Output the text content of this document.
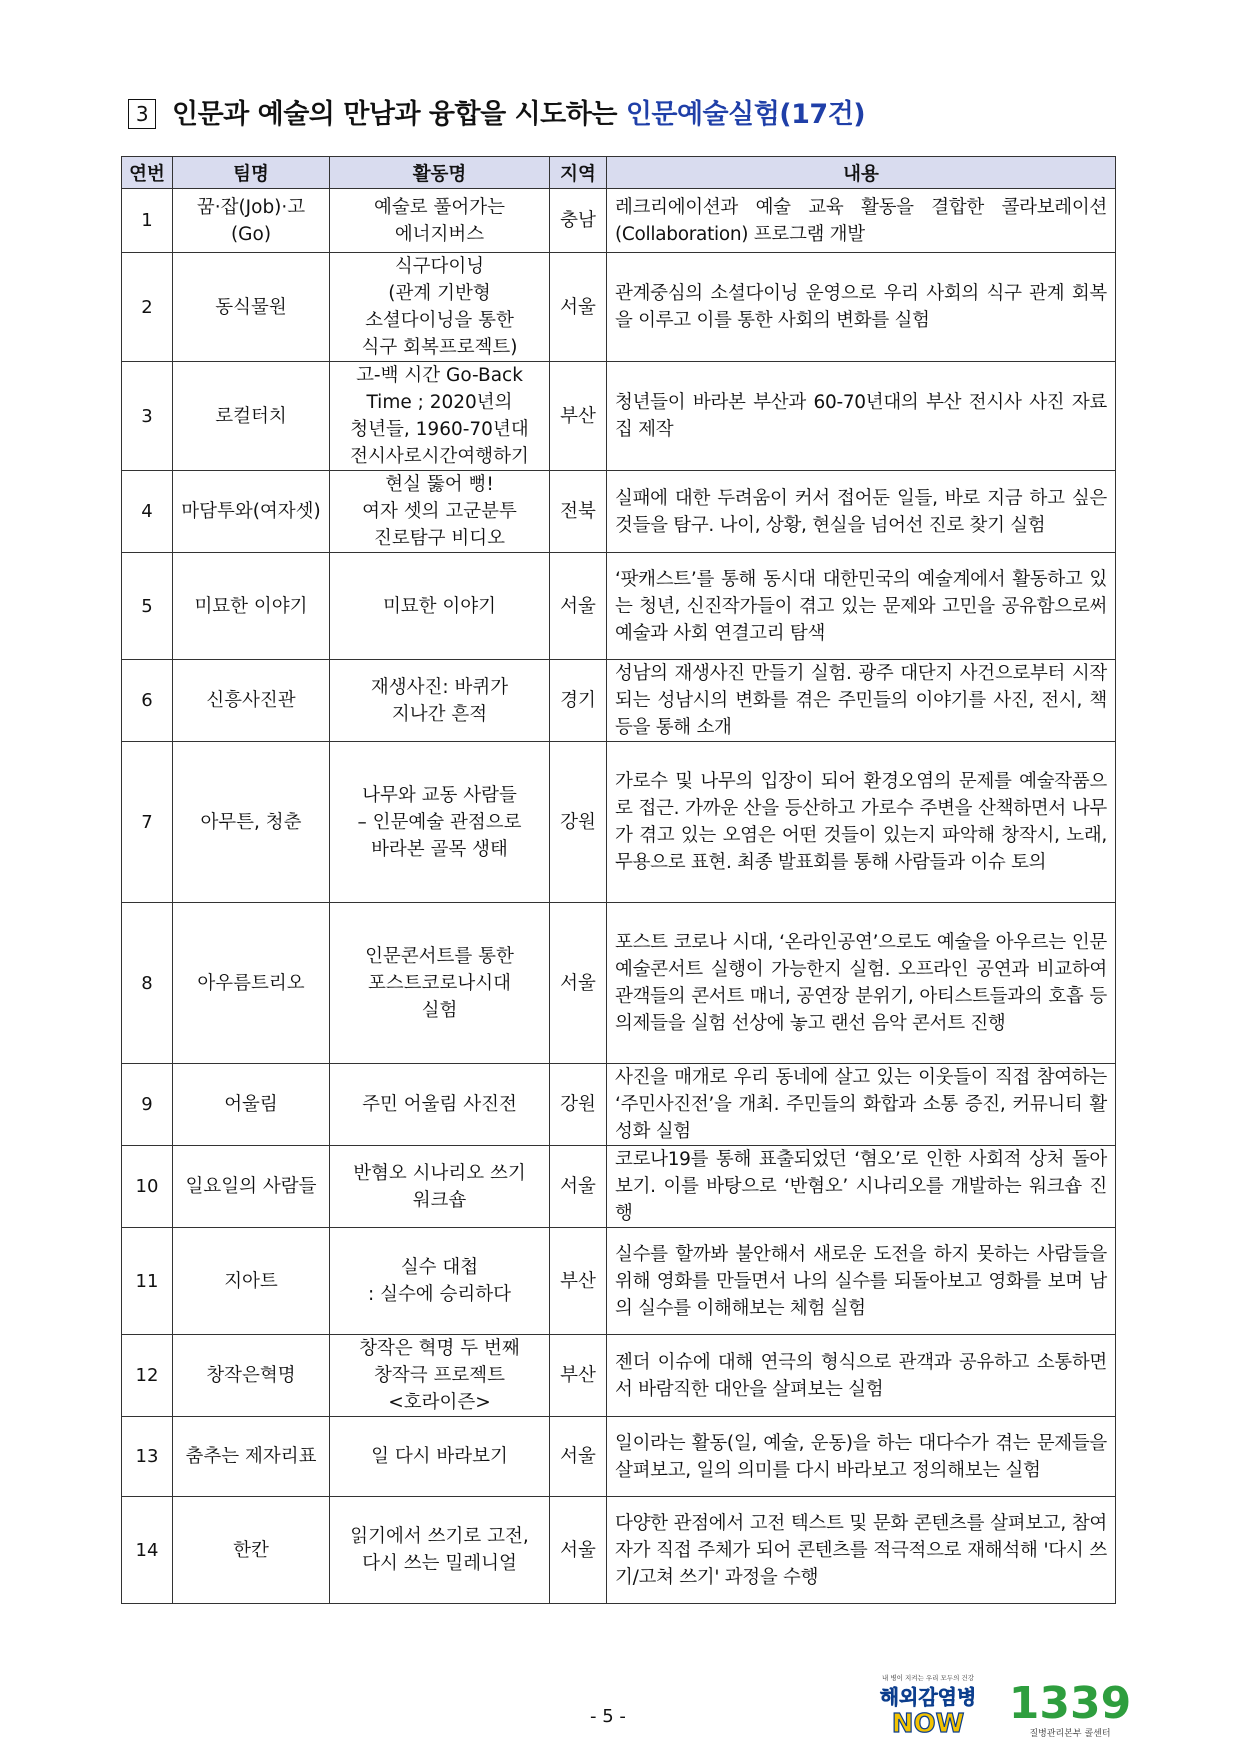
3 인문과 예술의 만남과 융합을 시도하는 인문예술실험(17건)
연번	팀명	활동명	지역	내용
1	꿈·잡(Job)·고(Go)	예술로 풀어가는
에너지버스	충남	레크리에이션과 예술 교육 활동을 결합한 콜라보레이션(Collaboration) 프로그램 개발
2	동식물원	식구다이닝
(관계 기반형
소셜다이닝을 통한
식구 회복프로젝트)	서울	관계중심의 소셜다이닝 운영으로 우리 사회의 식구 관계 회복을 이루고 이를 통한 사회의 변화를 실험
3	로컬터치	고-백 시간 Go-Back
Time ; 2020년의
청년들, 1960-70년대
전시사로시간여행하기	부산	청년들이 바라본 부산과 60-70년대의 부산 전시사 사진 자료집 제작
4	마담투와(여자셋)	현실 뚫어 뻥!
여자 셋의 고군분투
진로탐구 비디오	전북	실패에 대한 두려움이 커서 접어둔 일들, 바로 지금 하고 싶은 것들을 탐구. 나이, 상황, 현실을 넘어선 진로 찾기 실험
5	미묘한 이야기	미묘한 이야기	서울	‘팟캐스트’를 통해 동시대 대한민국의 예술계에서 활동하고 있는 청년, 신진작가들이 겪고 있는 문제와 고민을 공유함으로써 예술과 사회 연결고리 탐색
6	신흥사진관	재생사진: 바퀴가
지나간 흔적	경기	성남의 재생사진 만들기 실험. 광주 대단지 사건으로부터 시작되는 성남시의 변화를 겪은 주민들의 이야기를 사진, 전시, 책 등을 통해 소개
7	아무튼, 청춘	나무와 교동 사람들
– 인문예술 관점으로
바라본 골목 생태	강원	가로수 및 나무의 입장이 되어 환경오염의 문제를 예술작품으로 접근. 가까운 산을 등산하고 가로수 주변을 산책하면서 나무가 겪고 있는 오염은 어떤 것들이 있는지 파악해 창작시, 노래, 무용으로 표현. 최종 발표회를 통해 사람들과 이슈 토의
8	아우름트리오	인문콘서트를 통한
포스트코로나시대
실험	서울	포스트 코로나 시대, ‘온라인공연’으로도 예술을 아우르는 인문예술콘서트 실행이 가능한지 실험. 오프라인 공연과 비교하여 관객들의 콘서트 매너, 공연장 분위기, 아티스트들과의 호흡 등 의제들을 실험 선상에 놓고 랜선 음악 콘서트 진행
9	어울림	주민 어울림 사진전	강원	사진을 매개로 우리 동네에 살고 있는 이웃들이 직접 참여하는 ‘주민사진전’을 개최. 주민들의 화합과 소통 증진, 커뮤니티 활성화 실험
10	일요일의 사람들	반혐오 시나리오 쓰기
워크숍	서울	코로나19를 통해 표출되었던 ‘혐오’로 인한 사회적 상처 돌아보기. 이를 바탕으로 ‘반혐오’ 시나리오를 개발하는 워크숍 진행
11	지아트	실수 대첩
: 실수에 승리하다	부산	실수를 할까봐 불안해서 새로운 도전을 하지 못하는 사람들을 위해 영화를 만들면서 나의 실수를 되돌아보고 영화를 보며 남의 실수를 이해해보는 체험 실험
12	창작은혁명	창작은 혁명 두 번째
창작극 프로젝트
<호라이즌>	부산	젠더 이슈에 대해 연극의 형식으로 관객과 공유하고 소통하면서 바람직한 대안을 살펴보는 실험
13	춤추는 제자리표	일 다시 바라보기	서울	일이라는 활동(일, 예술, 운동)을 하는 대다수가 겪는 문제들을 살펴보고, 일의 의미를 다시 바라보고 정의해보는 실험
14	한칸	읽기에서 쓰기로 고전,
다시 쓰는 밀레니얼	서울	다양한 관점에서 고전 텍스트 및 문화 콘텐츠를 살펴보고, 참여자가 직접 주체가 되어 콘텐츠를 적극적으로 재해석해 '다시 쓰기/고쳐 쓰기' 과정을 수행
- 5 -
내 병이 지켜는 우리 모두의 건강
해외감염병
NOW 1339
질병관리본부 콜센터
